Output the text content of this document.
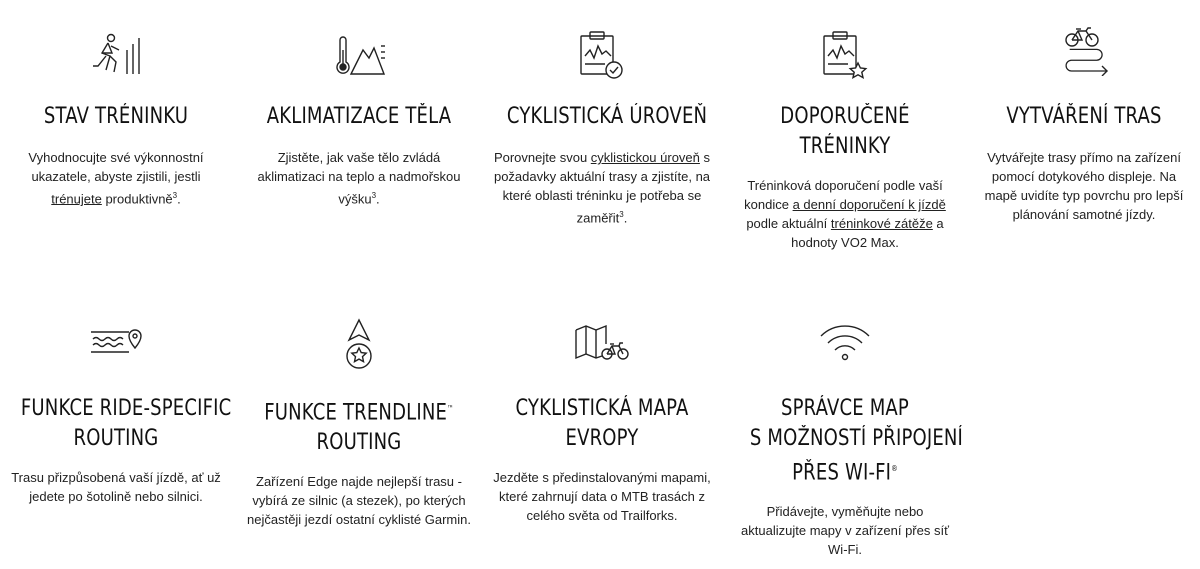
STAV TRÉNINKU

Vyhodnocujte své výkonnostní ukazatele, abyste zjistili, jestli trénujete produktivně$^3$.

AKLIMATIZACE TĚLA

Zjistěte, jak vaše tělo zvládá aklimatizaci na teplo a nadmořskou výšku$^3$.

CYKLISTICKÁ ÚROVEŇ

Porovnejte svou cyklistickou úroveň s požadavky aktuální trasy a zjistíte, na které oblasti tréninku je potřeba se zaměřit$^3$.

DOPORUČENÉ

TRÉNINKY

Tréninková doporučení podle vaší kondice a denní doporučení k jízdě podle aktuální tréninkové zátěže a hodnoty VO2 Max.

VYTVÁŘENÍ TRAS

Vytvářejte trasy přímo na zařízení pomocí dotykového displeje. Na mapě uvidíte typ povrchu pro lepší plánování samotné jízdy.

FUNKCE RIDE-SPECIFIC

ROUTING

Trasu přizpůsobená vaší jízdě, ať už jedete po šotolině nebo silnici.

FUNKCE TRENDLINE™

ROUTING

Zařízení Edge najde nejlepší trasu - vybírá ze silnic (a stezek), po kterých nejčastěji jezdí ostatní cyklisté Garmin.

CYKLISTICKÁ MAPA

EVROPY

Jezděte s předinstalovanými mapami, které zahrnují data o MTB trasách z celého světa od Trailforks.

SPRÁVCE MAP

S MOŽNOSTÍ PŘIPOJENÍ

PŘES WI-FI®

Přidávejte, vyměňujte nebo aktualizujte mapy v zařízení přes síť Wi-Fi.
